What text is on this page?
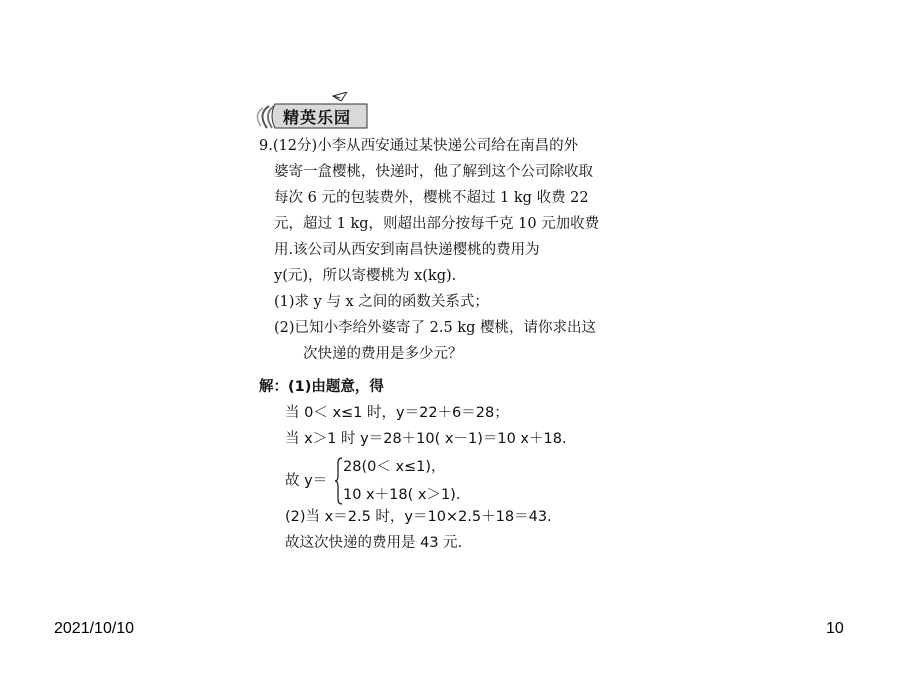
精英乐园
9.(12分)小李从西安通过某快递公司给在南昌的外
婆寄一盒樱桃，快递时，他了解到这个公司除收取
每次 6 元的包装费外，樱桃不超过 1 kg 收费 22
元，超过 1 kg，则超出部分按每千克 10 元加收费
用.该公司从西安到南昌快递樱桃的费用为
y(元)，所以寄樱桃为 x(kg).
(1)求 y 与 x 之间的函数关系式；
(2)已知小李给外婆寄了 2.5 kg 樱桃，请你求出这
次快递的费用是多少元？
解：(1)由题意，得
当 0＜ x≤1 时，y＝22＋6＝28；
当 x＞1 时 y＝28＋10( x－1)＝10 x＋18.
故 y＝
28(0＜ x≤1)，
10 x＋18( x＞1).
(2)当 x＝2.5 时，y＝10×2.5＋18＝43.
故这次快递的费用是 43 元.
2021/10/10	10
